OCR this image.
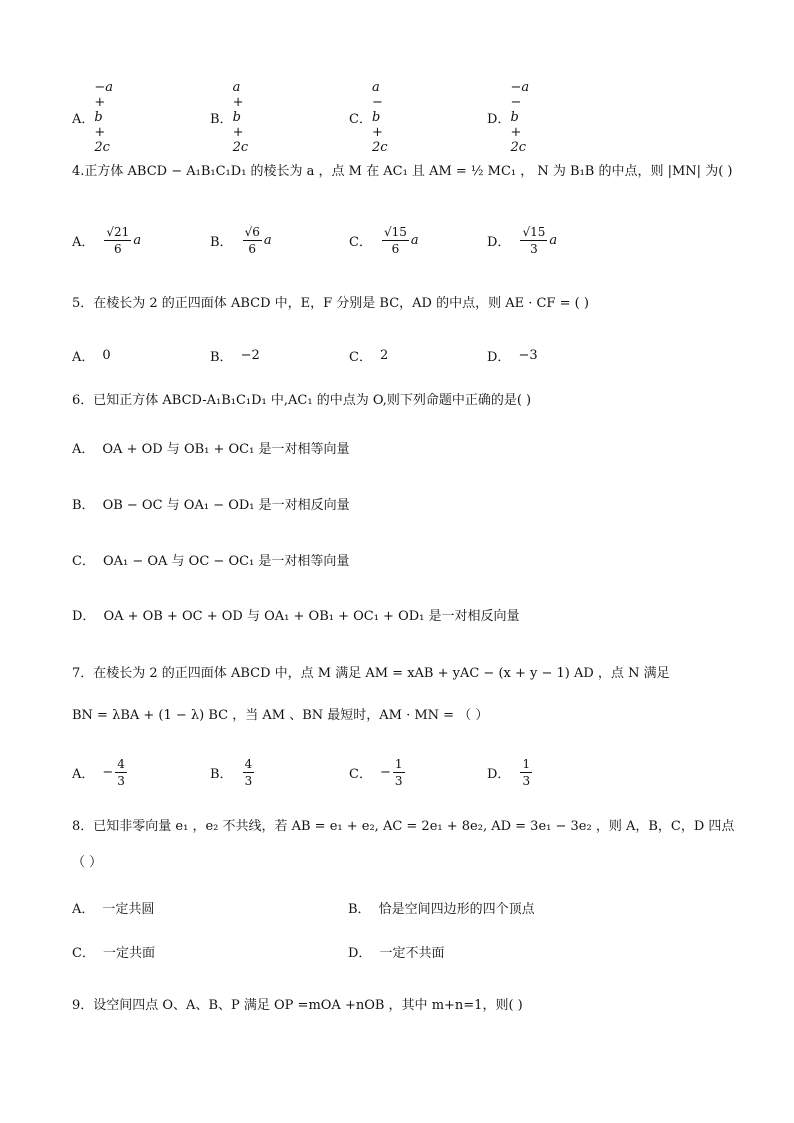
A．
−a + b + 2c
B．
a + b + 2c
C．
a − b + 2c
D．
−a − b + 2c
4.正方体 ABCD − A₁B₁C₁D₁ 的棱长为 a ，点 M 在 AC₁ 且 AM = ½ MC₁ ， N 为 B₁B 的中点，则 |MN| 为( )
A． $\frac{√21}{6}$ a	B． $\frac{√6}{6}$ a	C． $\frac{√15}{6}$ a	D． $\frac{√15}{3}$ a
5．在棱长为 2 的正四面体 ABCD 中，E，F 分别是 BC，AD 的中点，则 AE · CF = ( )
A． 0	B． −2	C． 2	D． −3
6．已知正方体 ABCD-A₁B₁C₁D₁ 中,AC₁ 的中点为 O,则下列命题中正确的是( )
A． OA + OD 与 OB₁ + OC₁ 是一对相等向量
B． OB − OC 与 OA₁ − OD₁ 是一对相反向量
C． OA₁ − OA 与 OC − OC₁ 是一对相等向量
D． OA + OB + OC + OD 与 OA₁ + OB₁ + OC₁ + OD₁ 是一对相反向量
7．在棱长为 2 的正四面体 ABCD 中，点 M 满足 AM = xAB + yAC − (x + y − 1) AD ，点 N 满足
BN = λBA + (1 − λ) BC ，当 AM 、BN 最短时，AM · MN = （ ）
A． − $\frac{4}{3}$	B． $\frac{4}{3}$	C． − $\frac{1}{3}$	D． $\frac{1}{3}$
8．已知非零向量 e₁ ，e₂ 不共线，若 AB = e₁ + e₂, AC = 2e₁ + 8e₂, AD = 3e₁ − 3e₂ ，则 A，B，C，D 四点
（ ）
A． 一定共圆	B． 恰是空间四边形的四个顶点
C． 一定共面	D． 一定不共面
9．设空间四点 O、A、B、P 满足 OP =mOA +nOB ，其中 m+n=1，则( )
